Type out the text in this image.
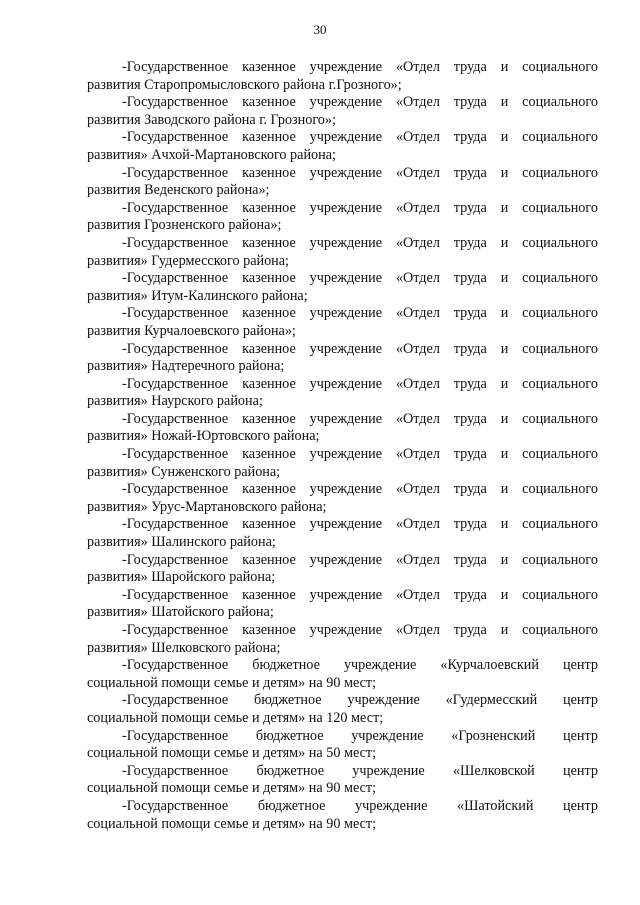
30
-Государственное казенное учреждение «Отдел труда и социального
развития Старопромысловского района г.Грозного»;
-Государственное казенное учреждение «Отдел труда и социального
развития Заводского района г. Грозного»;
-Государственное казенное учреждение «Отдел труда и социального
развития» Ачхой-Мартановского района;
-Государственное казенное учреждение «Отдел труда и социального
развития Веденского района»;
-Государственное казенное учреждение «Отдел труда и социального
развития Грозненского района»;
-Государственное казенное учреждение «Отдел труда и социального
развития» Гудермесского района;
-Государственное казенное учреждение «Отдел труда и социального
развития» Итум-Калинского района;
-Государственное казенное учреждение «Отдел труда и социального
развития Курчалоевского района»;
-Государственное казенное учреждение «Отдел труда и социального
развития» Надтеречного района;
-Государственное казенное учреждение «Отдел труда и социального
развития» Наурского района;
-Государственное казенное учреждение «Отдел труда и социального
развития» Ножай-Юртовского района;
-Государственное казенное учреждение «Отдел труда и социального
развития» Сунженского района;
-Государственное казенное учреждение «Отдел труда и социального
развития» Урус-Мартановского района;
-Государственное казенное учреждение «Отдел труда и социального
развития» Шалинского района;
-Государственное казенное учреждение «Отдел труда и социального
развития» Шаройского района;
-Государственное казенное учреждение «Отдел труда и социального
развития» Шатойского района;
-Государственное казенное учреждение «Отдел труда и социального
развития» Шелковского района;
-Государственное бюджетное учреждение «Курчалоевский центр
социальной помощи семье и детям» на 90 мест;
-Государственное бюджетное учреждение «Гудермесский центр
социальной помощи семье и детям» на 120 мест;
-Государственное бюджетное учреждение «Грозненский центр
социальной помощи семье и детям» на 50 мест;
-Государственное бюджетное учреждение «Шелковской центр
социальной помощи семье и детям» на 90 мест;
-Государственное бюджетное учреждение «Шатойский центр
социальной помощи семье и детям» на 90 мест;
